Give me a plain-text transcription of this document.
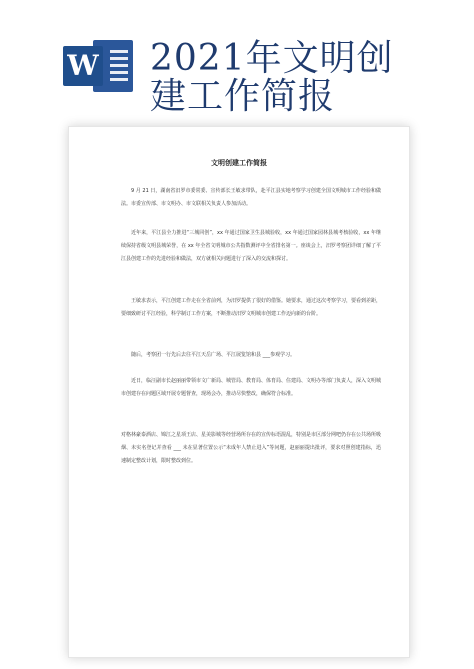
W 2021年文明创
建工作简报
文明创建工作简报
9 月 21 日，湖南省汨罗市委常委、宣传部长王敏求带队，赴平江县实地考察学习创建全国文明城市工作经验和做法。市委宣传部、市文明办、市文联相关负责人参加活动。
近年来，平江县全力推进“三城同创”，xx 年通过国家卫生县城验收，xx 年通过国家园林县城考核验收，xx 年继续保持省级文明县城荣誉，在 xx 年全省文明城市公共指数测评中全省排名第一。座谈会上，汨罗考察团详细了解了平江县创建工作的先进经验和做法，双方就相关问题进行了深入的交流和探讨。
王敏求表示，平江创建工作走在全省前列，为汨罗提供了很好的借鉴。她要求，通过这次考察学习，要看到差距，要细致研讨平江经验，科学制订工作方案，不断推动汨罗文明城市创建工作迈向新的台阶。
随后，考察团一行先后去往平江天岳广场、平江展览馆和县 ___参观学习。
近日，临汪副市长赵丽丽带领市文广新局、城管局、教育局、体育局、住建局、文明办等部门负责人，深入文明城市创建存在问题区域开展专题督查，现场会办，推动尽快整改，确保符合标准。
对格林豪泰酒店、锦江之星项王店、星美影城等经营场所存在的宣传标语混乱，特别是市区部分网吧仍存在公共场所吸烟、未实名登记并查看 ___ 未在显著位置公示“未成年人禁止进入”等问题，赵丽丽提出批评，要求对照创建指标，迅速制定整改计划，限时整改到位。
